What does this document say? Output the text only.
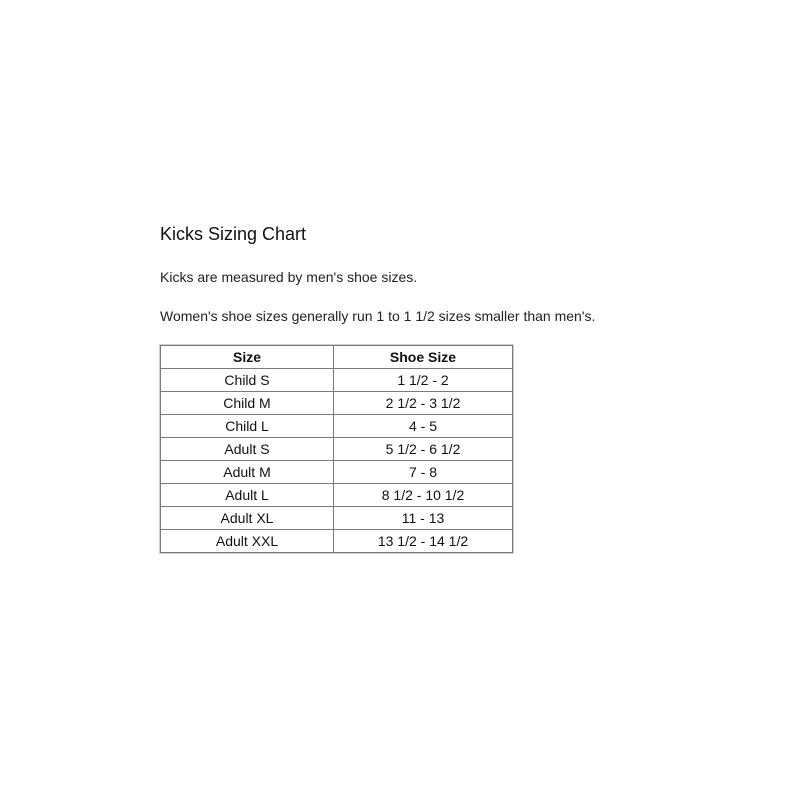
Kicks Sizing Chart

Kicks are measured by men's shoe sizes.

Women's shoe sizes generally run 1 to 1 1/2 sizes smaller than men's.

Size	Shoe Size
Child S	1 1/2 - 2
Child M	2 1/2 - 3 1/2
Child L	4 - 5
Adult S	5 1/2 - 6 1/2
Adult M	7 - 8
Adult L	8 1/2 - 10 1/2
Adult XL	11 - 13
Adult XXL	13 1/2 - 14 1/2
